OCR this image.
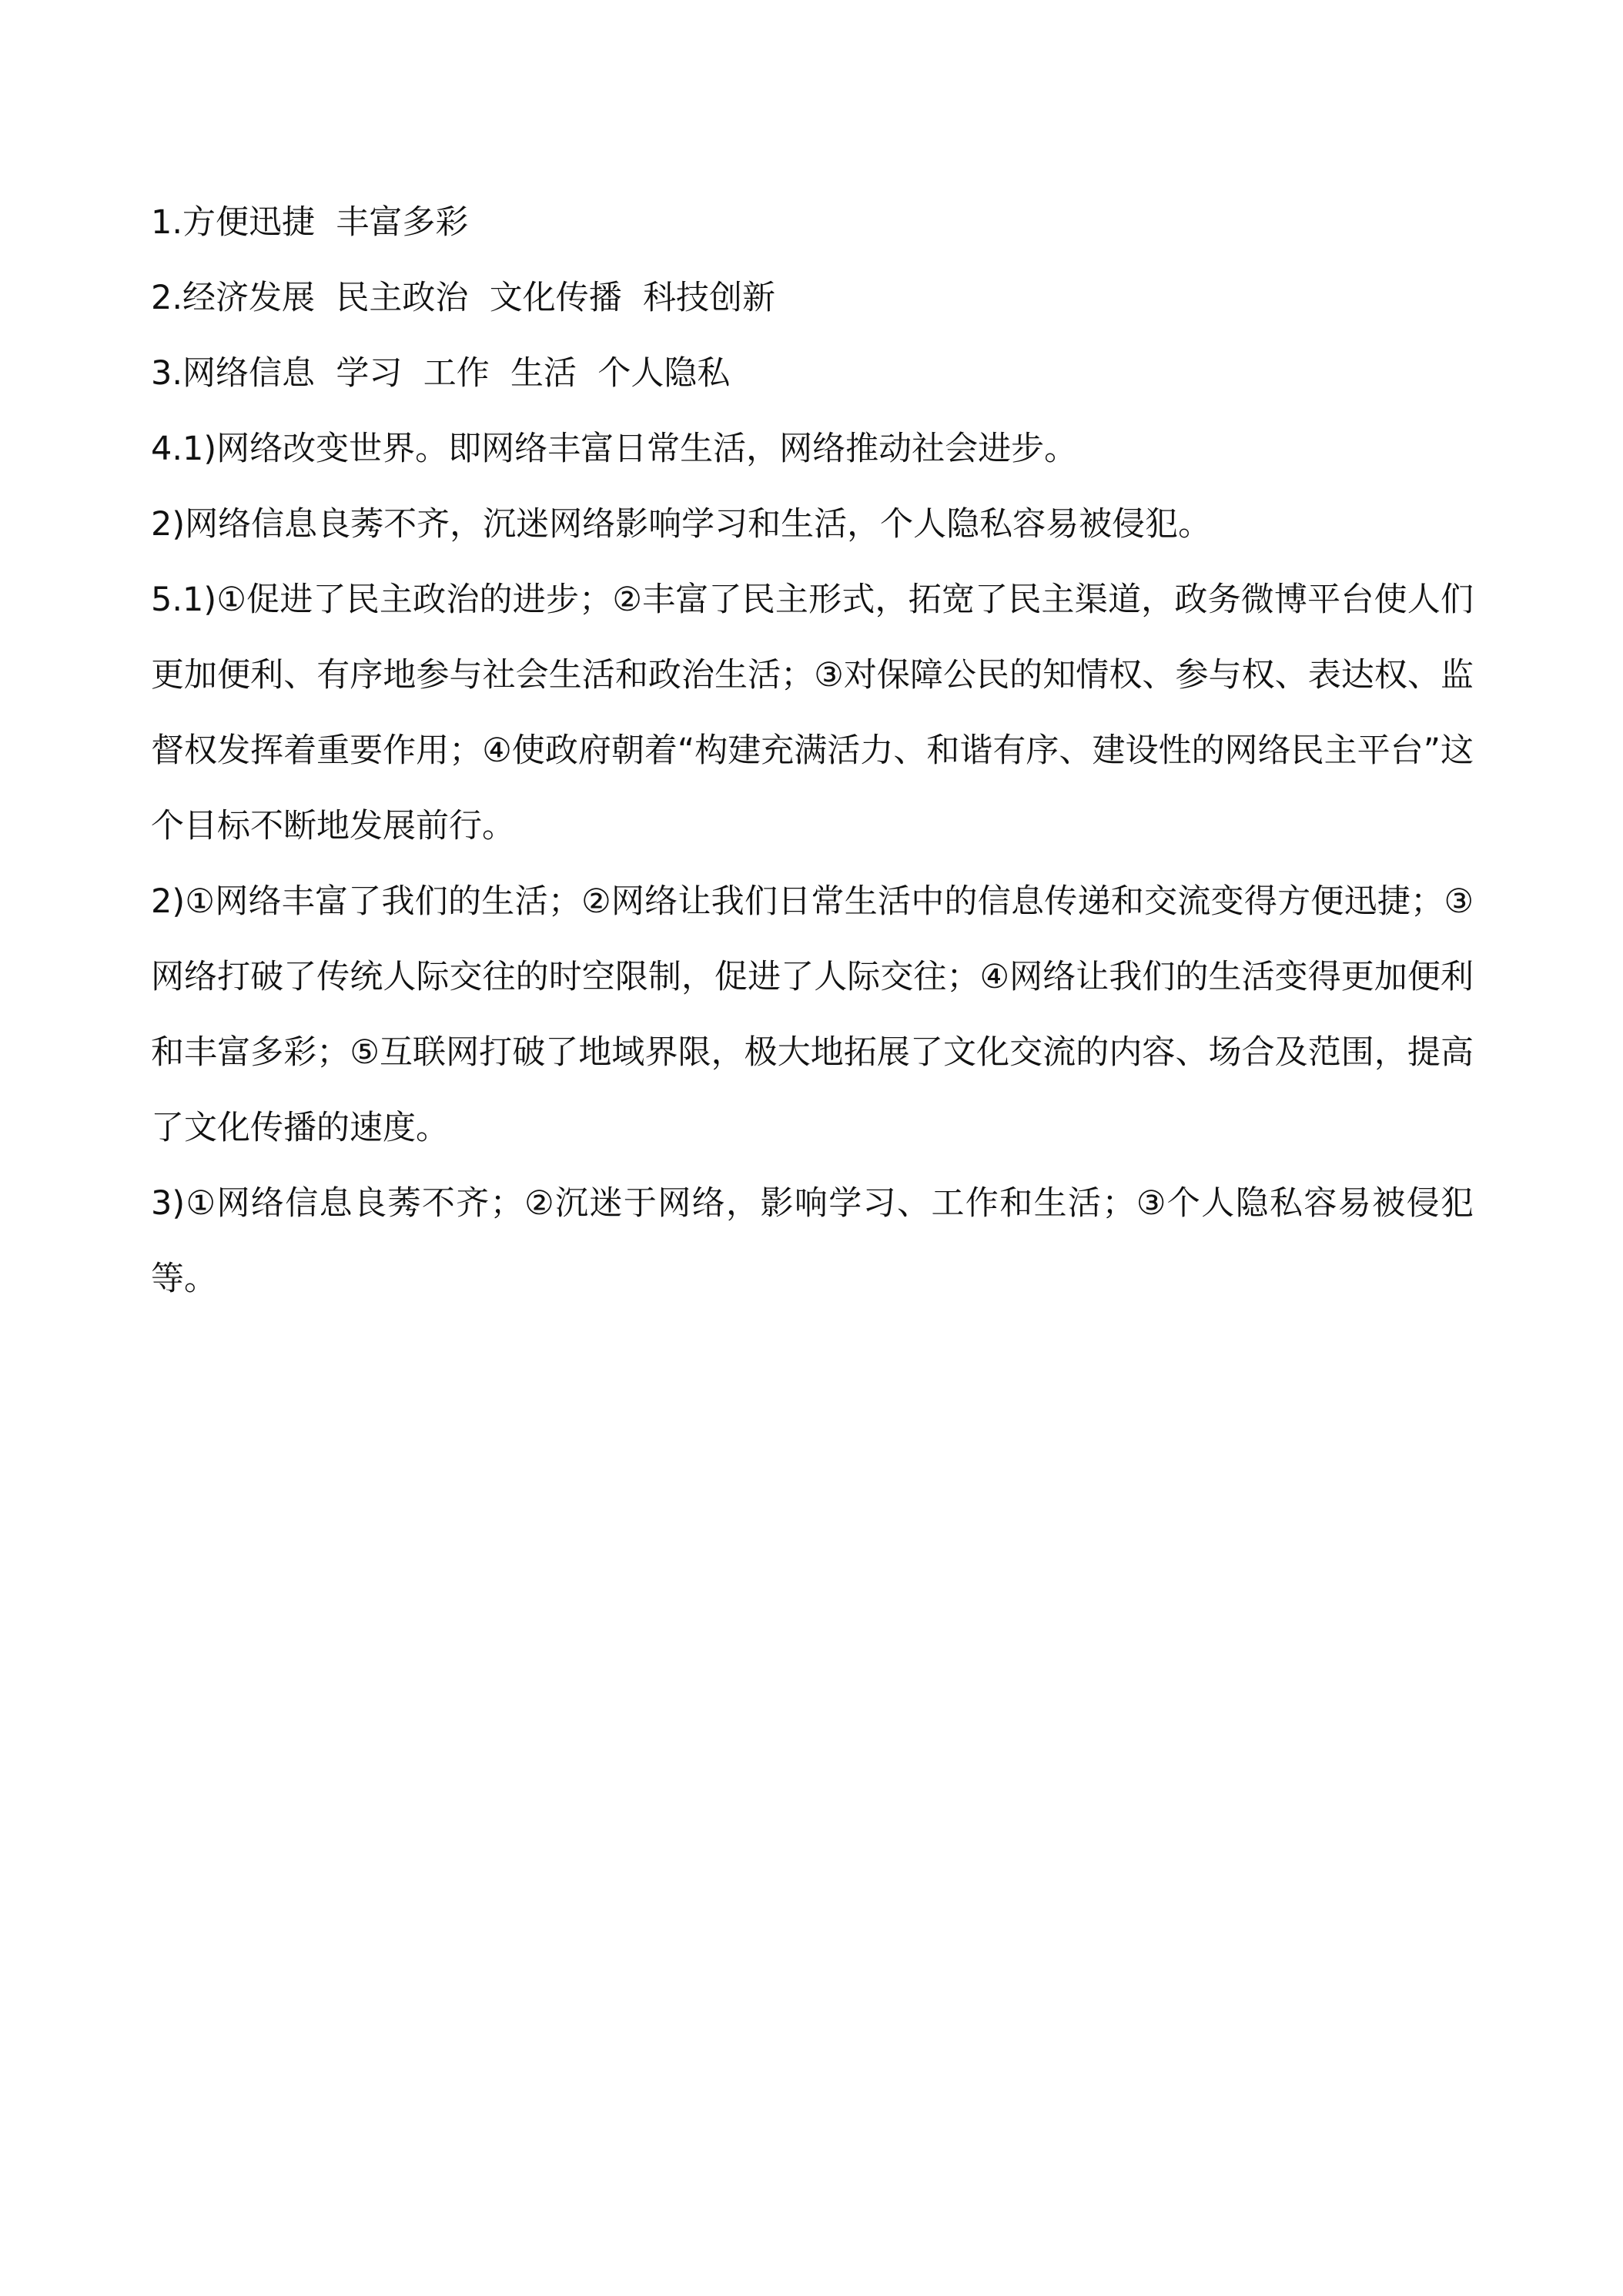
1.方便迅捷  丰富多彩

2.经济发展  民主政治  文化传播  科技创新

3.网络信息  学习  工作  生活  个人隐私

4.1)网络改变世界。即网络丰富日常生活，网络推动社会进步。

2)网络信息良莠不齐，沉迷网络影响学习和生活，个人隐私容易被侵犯。

5.1)①促进了民主政治的进步；②丰富了民主形式，拓宽了民主渠道，政务微博平台使人们更加便利、有序地参与社会生活和政治生活；③对保障公民的知情权、参与权、表达权、监督权发挥着重要作用；④使政府朝着“构建充满活力、和谐有序、建设性的网络民主平台”这个目标不断地发展前行。

2)①网络丰富了我们的生活；②网络让我们日常生活中的信息传递和交流变得方便迅捷；③网络打破了传统人际交往的时空限制，促进了人际交往；④网络让我们的生活变得更加便利和丰富多彩；⑤互联网打破了地域界限，极大地拓展了文化交流的内容、场合及范围，提高了文化传播的速度。

3)①网络信息良莠不齐；②沉迷于网络，影响学习、工作和生活；③个人隐私容易被侵犯等。
